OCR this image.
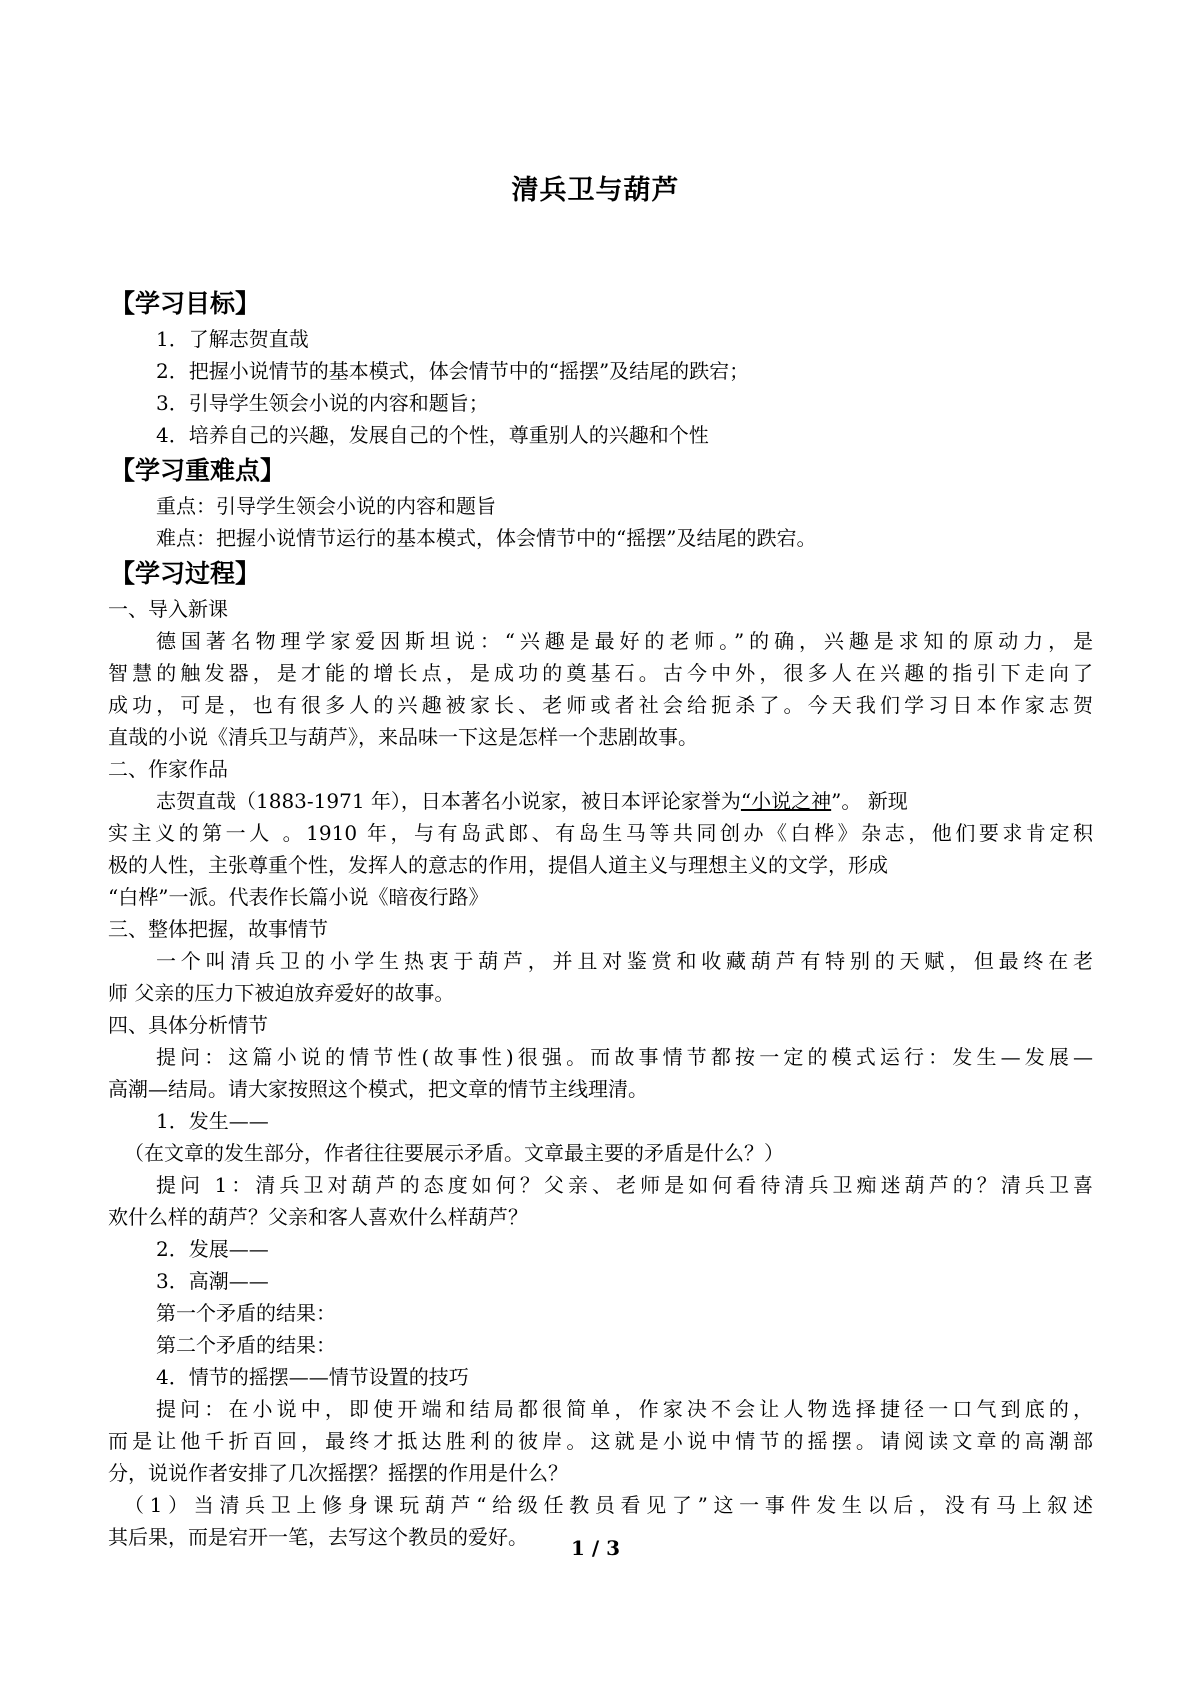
清兵卫与葫芦
【学习目标】
1．了解志贺直哉
2．把握小说情节的基本模式，体会情节中的“摇摆”及结尾的跌宕；
3．引导学生领会小说的内容和题旨；
4．培养自己的兴趣，发展自己的个性，尊重别人的兴趣和个性
【学习重难点】
重点：引导学生领会小说的内容和题旨
难点：把握小说情节运行的基本模式，体会情节中的“摇摆”及结尾的跌宕。
【学习过程】
一、导入新课
德国著名物理学家爱因斯坦说：“兴趣是最好的老师。”的确，兴趣是求知的原动力，是
智慧的触发器，是才能的增长点，是成功的奠基石。古今中外，很多人在兴趣的指引下走向了
成功，可是，也有很多人的兴趣被家长、老师或者社会给扼杀了。今天我们学习日本作家志贺
直哉的小说《清兵卫与葫芦》，来品味一下这是怎样一个悲剧故事。
二、作家作品
志贺直哉（1883-1971 年），日本著名小说家，被日本评论家誉为“小说之神”。 新现
实主义的第一人 。1910 年，与有岛武郎、有岛生马等共同创办《白桦》杂志，他们要求肯定积
极的人性，主张尊重个性，发挥人的意志的作用，提倡人道主义与理想主义的文学，形成
“白桦”一派。代表作长篇小说《暗夜行路》
三、整体把握，故事情节
一个叫清兵卫的小学生热衷于葫芦，并且对鉴赏和收藏葫芦有特别的天赋，但最终在老
师 父亲的压力下被迫放弃爱好的故事。
四、具体分析情节
提问：这篇小说的情节性(故事性)很强。而故事情节都按一定的模式运行：发生—发展—
高潮—结局。请大家按照这个模式，把文章的情节主线理清。
1．发生——
（在文章的发生部分，作者往往要展示矛盾。文章最主要的矛盾是什么？）
提问 1：清兵卫对葫芦的态度如何？父亲、老师是如何看待清兵卫痴迷葫芦的？清兵卫喜
欢什么样的葫芦？父亲和客人喜欢什么样葫芦？
2．发展——
3．高潮——
第一个矛盾的结果：
第二个矛盾的结果：
4．情节的摇摆——情节设置的技巧
提问：在小说中，即使开端和结局都很简单，作家决不会让人物选择捷径一口气到底的，
而是让他千折百回，最终才抵达胜利的彼岸。这就是小说中情节的摇摆。请阅读文章的高潮部
分，说说作者安排了几次摇摆？摇摆的作用是什么？
（1）当清兵卫上修身课玩葫芦“给级任教员看见了”这一事件发生以后，没有马上叙述
其后果，而是宕开一笔，去写这个教员的爱好。	1 / 3
